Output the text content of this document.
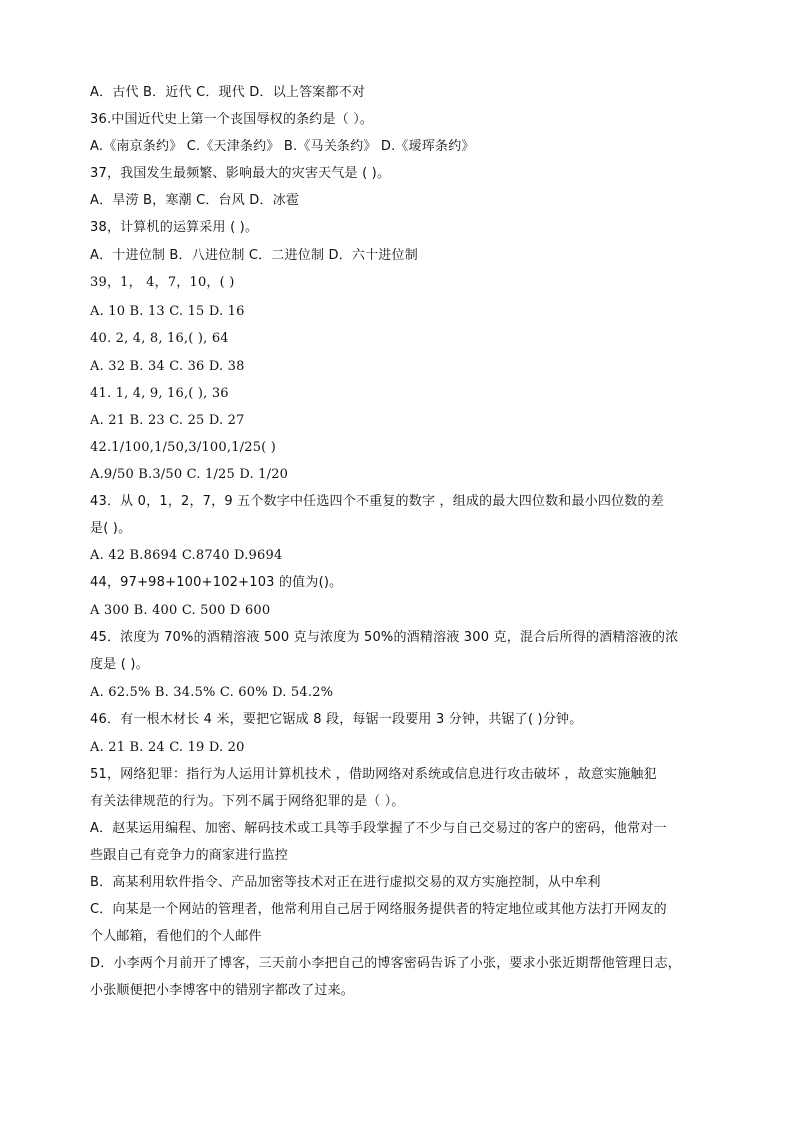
A．古代 B．近代 C．现代 D．以上答案都不对
36.中国近代史上第一个丧国辱权的条约是（ ）。
A.《南京条约》 C.《天津条约》 B.《马关条约》 D.《瑷珲条约》
37，我国发生最频繁、影响最大的灾害天气是 ( )。
A．旱涝 B，寒潮 C．台风 D．冰雹
38，计算机的运算采用 ( )。
A．十进位制 B．八进位制 C．二进位制 D．六十进位制
39，1， 4，7，10，( )
A. 10 B. 13 C. 15 D. 16
40. 2, 4, 8, 16,( ), 64
A. 32 B. 34 C. 36 D. 38
41. 1, 4, 9, 16,( ), 36
A. 21 B. 23 C. 25 D. 27
42.1/100,1/50,3/100,1/25( )
A.9/50 B.3/50 C. 1/25 D. 1/20
43．从 0，1，2，7，9 五个数字中任选四个不重复的数字 ，组成的最大四位数和最小四位数的差
是( )。
A. 42 B.8694 C.8740 D.9694
44，97+98+100+102+103 的值为()。
A 300 B. 400 C. 500 D 600
45．浓度为 70%的酒精溶液 500 克与浓度为 50%的酒精溶液 300 克，混合后所得的酒精溶液的浓
度是 ( )。
A. 62.5% B. 34.5% C. 60% D. 54.2%
46．有一根木材长 4 米，要把它锯成 8 段，每锯一段要用 3 分钟，共锯了( )分钟。
A. 21 B. 24 C. 19 D. 20
51，网络犯罪：指行为人运用计算机技术 ，借助网络对系统或信息进行攻击破坏 ，故意实施触犯
有关法律规范的行为。下列不属于网络犯罪的是（ ）。
A．赵某运用编程、加密、解码技术或工具等手段掌握了不少与自己交易过的客户的密码，他常对一
些跟自己有竞争力的商家进行监控
B．高某利用软件指令、产品加密等技术对正在进行虚拟交易的双方实施控制，从中牟利
C．向某是一个网站的管理者，他常利用自己居于网络服务提供者的特定地位或其他方法打开网友的
个人邮箱，看他们的个人邮件
D．小李两个月前开了博客，三天前小李把自己的博客密码告诉了小张，要求小张近期帮他管理日志，
小张顺便把小李博客中的错别字都改了过来。
